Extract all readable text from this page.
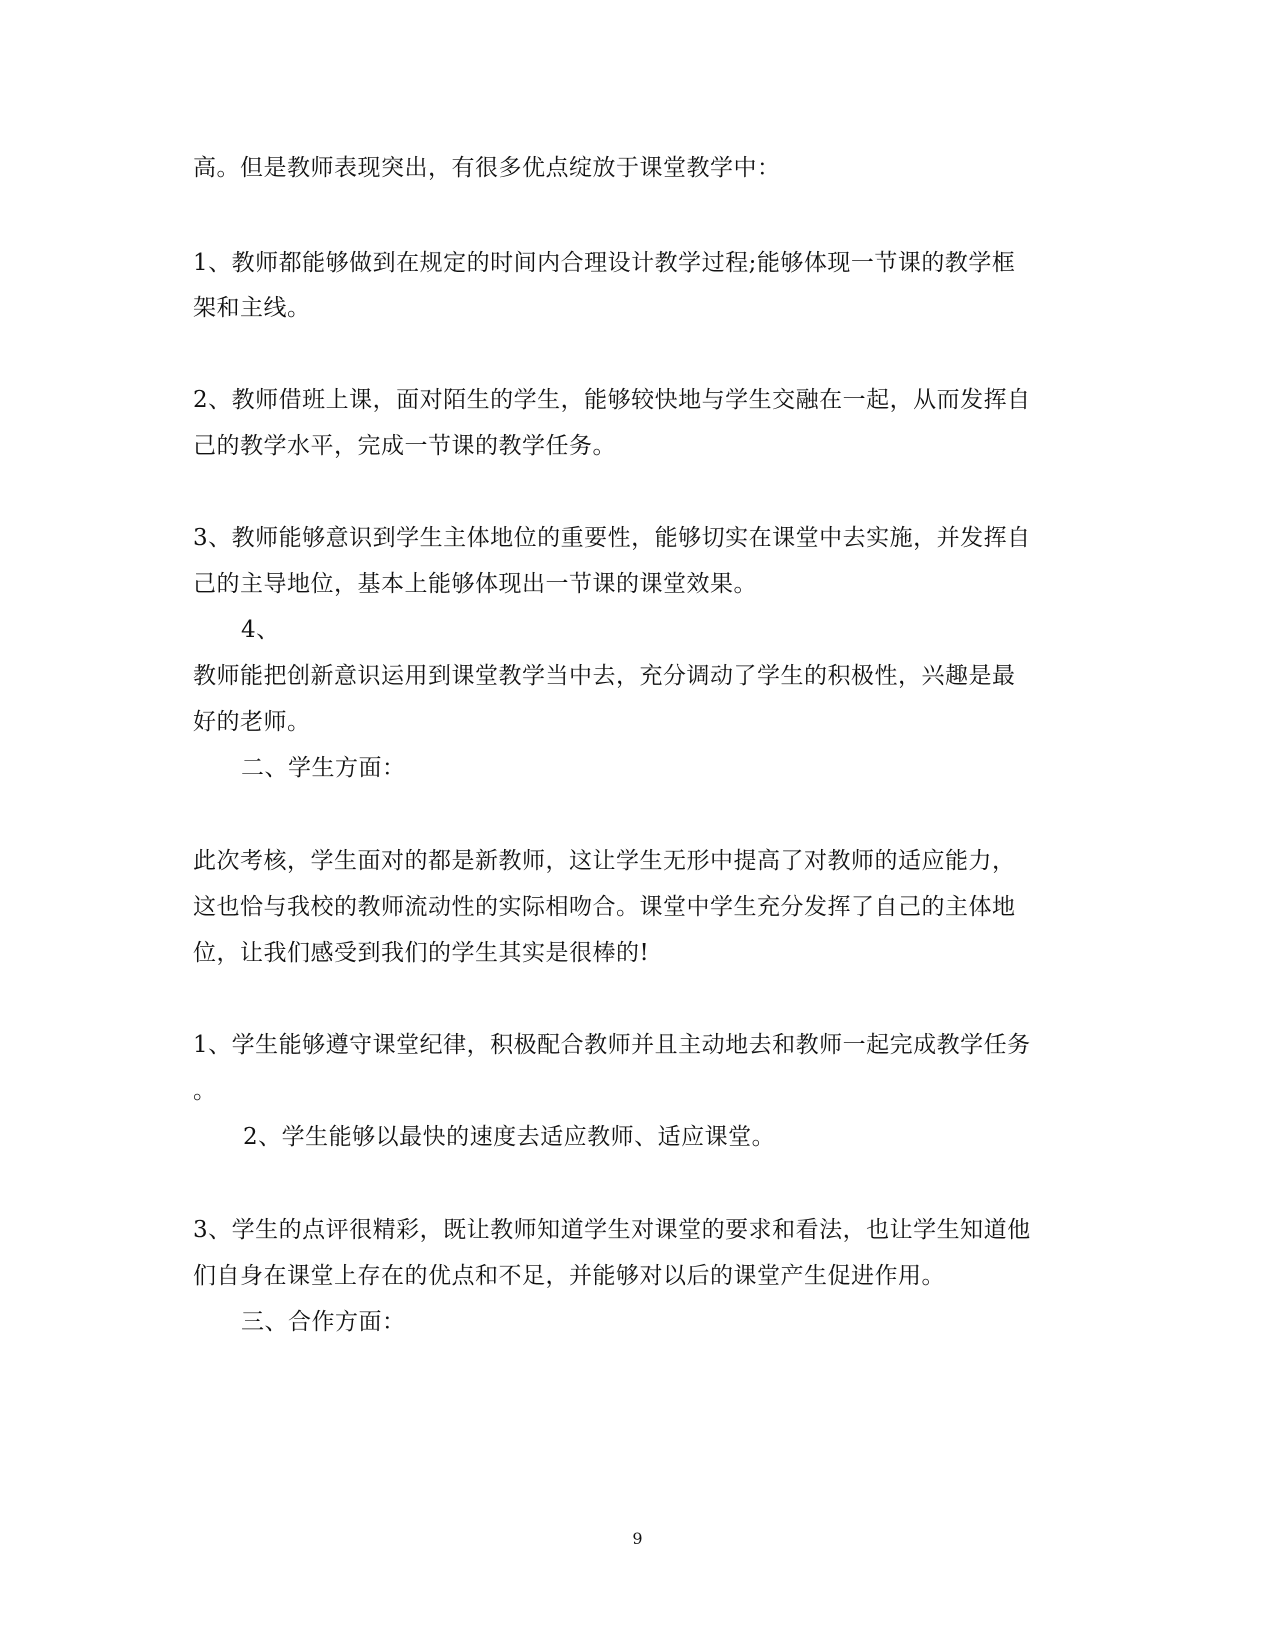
高。但是教师表现突出，有很多优点绽放于课堂教学中：
1、教师都能够做到在规定的时间内合理设计教学过程;能够体现一节课的教学框
架和主线。
2、教师借班上课，面对陌生的学生，能够较快地与学生交融在一起，从而发挥自
己的教学水平，完成一节课的教学任务。
3、教师能够意识到学生主体地位的重要性，能够切实在课堂中去实施，并发挥自
己的主导地位，基本上能够体现出一节课的课堂效果。
4、
教师能把创新意识运用到课堂教学当中去，充分调动了学生的积极性，兴趣是最
好的老师。
二、学生方面：
此次考核，学生面对的都是新教师，这让学生无形中提高了对教师的适应能力，
这也恰与我校的教师流动性的实际相吻合。课堂中学生充分发挥了自己的主体地
位，让我们感受到我们的学生其实是很棒的!
1、学生能够遵守课堂纪律，积极配合教师并且主动地去和教师一起完成教学任务
。
2、学生能够以最快的速度去适应教师、适应课堂。
3、学生的点评很精彩，既让教师知道学生对课堂的要求和看法，也让学生知道他
们自身在课堂上存在的优点和不足，并能够对以后的课堂产生促进作用。
三、合作方面：
9
